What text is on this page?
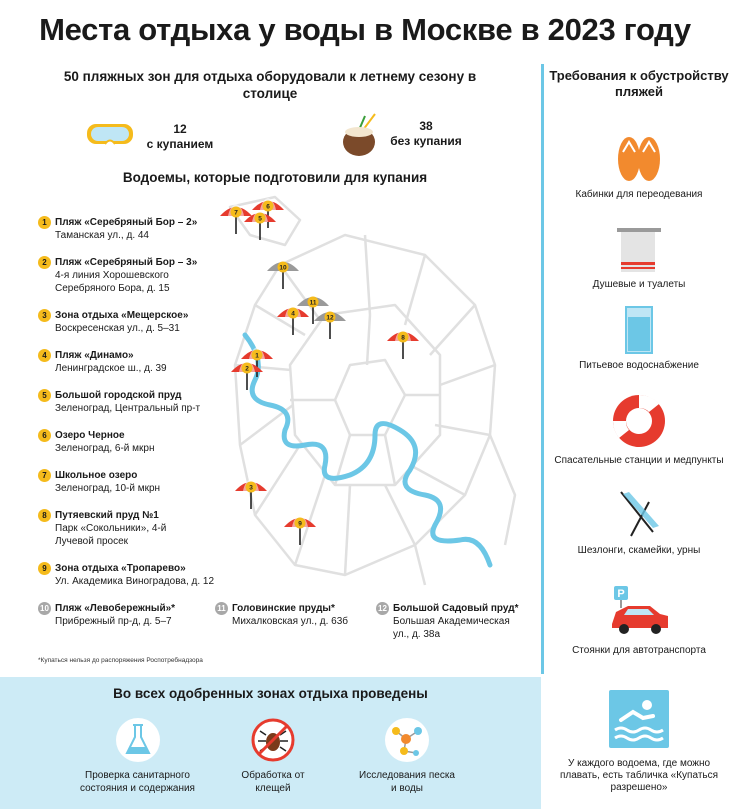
Места отдыха у воды в Москве в 2023 году
50 пляжных зон для отдыха оборудовали к летнему сезону в столице
12
с купанием
38
без купания
Водоемы, которые подготовили для купания
1 Пляж «Серебряный Бор – 2»
Таманская ул., д. 44
2 Пляж «Серебряный Бор – 3»
4-я линия Хорошевского Серебряного Бора, д. 15
3 Зона отдыха «Мещерское»
Воскресенская ул., д. 5–31
4 Пляж «Динамо»
Ленинградское ш., д. 39
5 Большой городской пруд
Зеленоград, Центральный пр-т
6 Озеро Черное
Зеленоград, 6-й мкрн
7 Школьное озеро
Зеленоград, 10-й мкрн
8 Путяевский пруд №1
Парк «Сокольники», 4-й Лучевой просек
9 Зона отдыха «Тропарево»
Ул. Академика Виноградова, д. 12
10 Пляж «Левобережный»*
Прибрежный пр-д, д. 5–7
11 Головинские пруды*
Михалковская ул., д. 63б
12 Большой Садовый пруд*
Большая Академическая ул., д. 38а
*Купаться нельзя до распоряжения Роспотребнадзора
7
6
5
10
11
12
4
8
1
2
3
9
Требования к обустройству пляжей
Кабинки для переодевания
Душевые и туалеты
Питьевое водоснабжение
Спасательные станции и медпункты
Шезлонги, скамейки, урны
P
Стоянки для автотранспорта
Во всех одобренных зонах отдыха проведены
Проверка санитарного состояния и содержания
Обработка от клещей
Исследования песка и воды
У каждого водоема, где можно плавать, есть табличка «Купаться разрешено»
